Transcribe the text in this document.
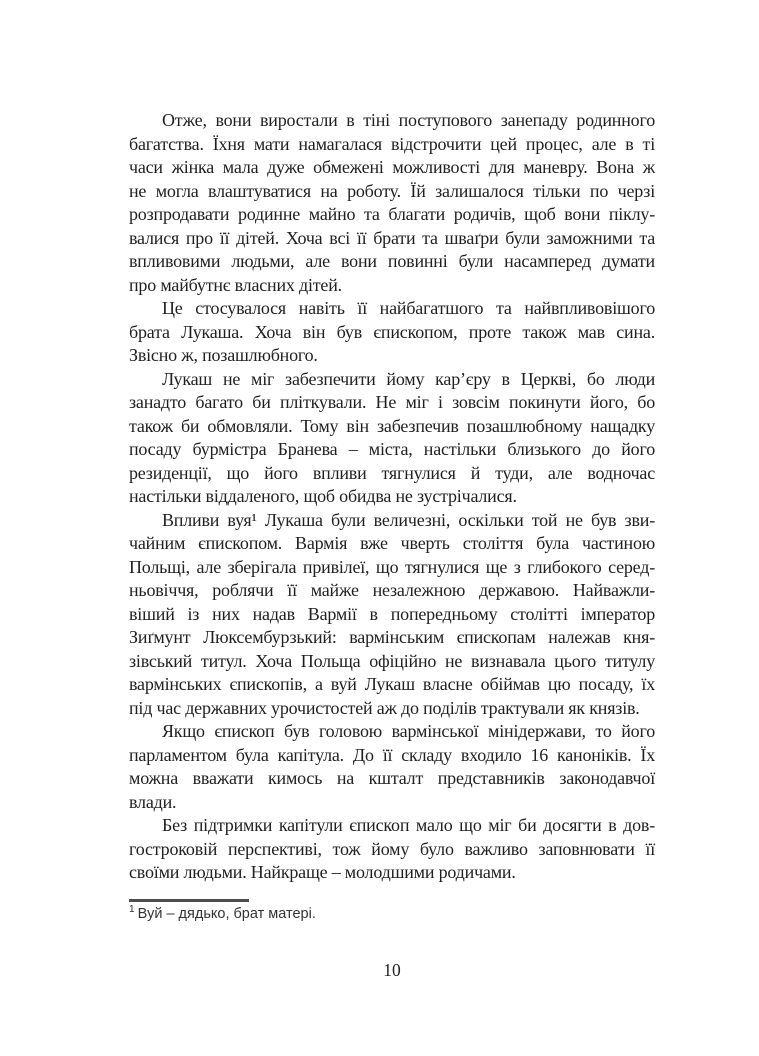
Отже, вони виростали в тіні поступового занепаду родинного
багатства. Їхня мати намагалася відстрочити цей процес, але в ті
часи жінка мала дуже обмежені можливості для маневру. Вона ж
не могла влаштуватися на роботу. Їй залишалося тільки по черзі
розпродавати родинне майно та благати родичів, щоб вони піклу-
валися про її дітей. Хоча всі її брати та шваґри були заможними та
впливовими людьми, але вони повинні були насамперед думати
про майбутнє власних дітей.
Це стосувалося навіть її найбагатшого та найвпливовішого
брата Лукаша. Хоча він був єпископом, проте також мав сина.
Звісно ж, позашлюбного.
Лукаш не міг забезпечити йому кар’єру в Церкві, бо люди
занадто багато би пліткували. Не міг і зовсім покинути його, бо
також би обмовляли. Тому він забезпечив позашлюбному нащадку
посаду бурмістра Бранева – міста, настільки близького до його
резиденції, що його впливи тягнулися й туди, але водночас
настільки віддаленого, щоб обидва не зустрічалися.
Впливи вуя¹ Лукаша були величезні, оскільки той не був зви-
чайним єпископом. Вармія вже чверть століття була частиною
Польщі, але зберігала привілеї, що тягнулися ще з глибокого серед-
ньовіччя, роблячи її майже незалежною державою. Найважли-
віший із них надав Вармії в попередньому столітті імператор
Зиґмунт Люксембурзький: вармінським єпископам належав кня-
зівський титул. Хоча Польща офіційно не визнавала цього титулу
вармінських єпископів, а вуй Лукаш власне обіймав цю посаду, їх
під час державних урочистостей аж до поділів трактували як князів.
Якщо єпископ був головою вармінської мінідержави, то його
парламентом була капітула. До її складу входило 16 каноніків. Їх
можна вважати кимось на кшталт представників законодавчої
влади.
Без підтримки капітули єпископ мало що міг би досягти в дов-
гостроковій перспективі, тож йому було важливо заповнювати її
своїми людьми. Найкраще – молодшими родичами.
$^1$ Вуй – дядько, брат матері.
10
